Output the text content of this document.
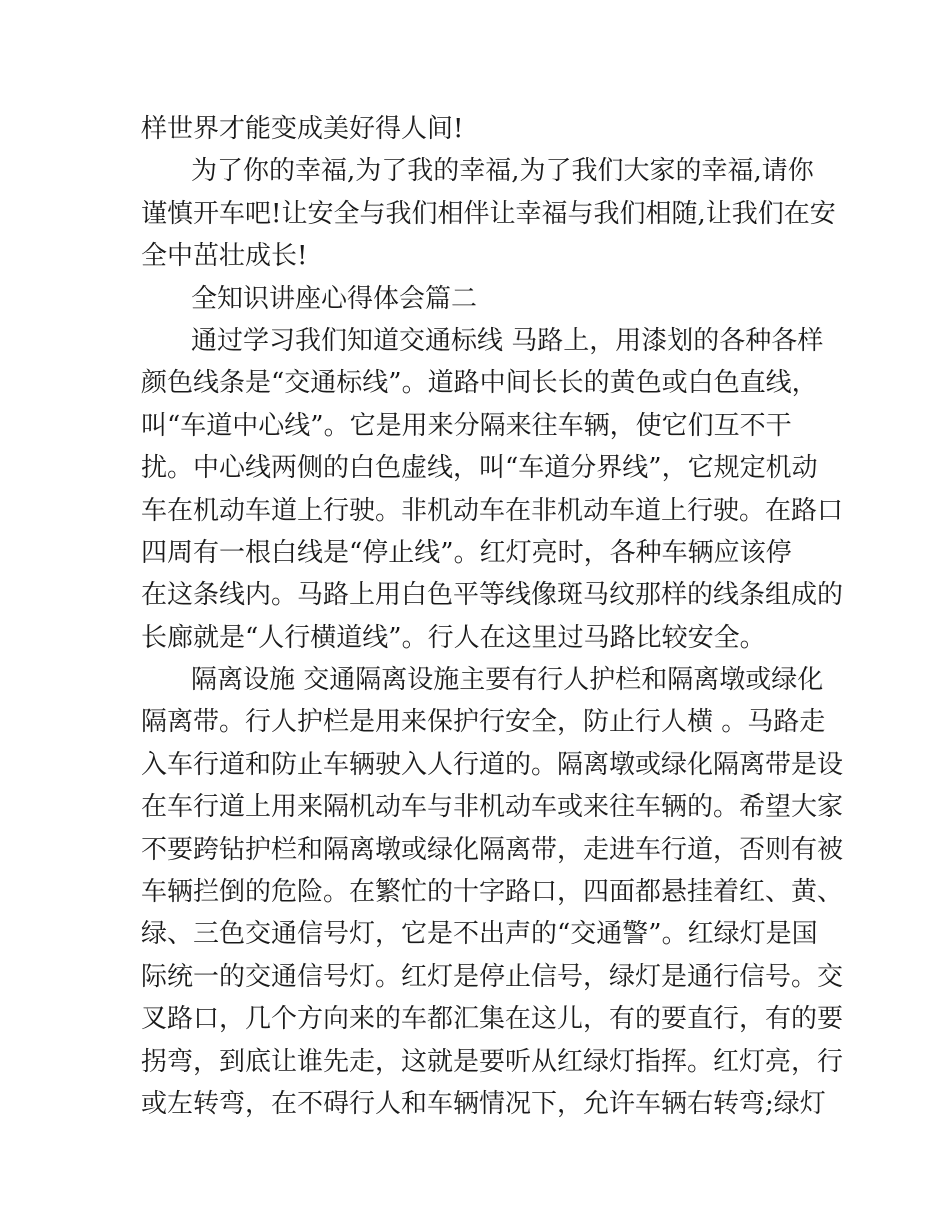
样世界才能变成美好得人间!
为了你的幸福,为了我的幸福,为了我们大家的幸福,请你
谨慎开车吧!让安全与我们相伴让幸福与我们相随,让我们在安
全中茁壮成长!
全知识讲座心得体会篇二
通过学习我们知道交通标线 马路上，用漆划的各种各样
颜色线条是“交通标线”。道路中间长长的黄色或白色直线，
叫“车道中心线”。它是用来分隔来往车辆，使它们互不干
扰。中心线两侧的白色虚线，叫“车道分界线”，它规定机动
车在机动车道上行驶。非机动车在非机动车道上行驶。在路口
四周有一根白线是“停止线”。红灯亮时，各种车辆应该停
在这条线内。马路上用白色平等线像斑马纹那样的线条组成的
长廊就是“人行横道线”。行人在这里过马路比较安全。
隔离设施 交通隔离设施主要有行人护栏和隔离墩或绿化
隔离带。行人护栏是用来保护行安全，防止行人横 。马路走
入车行道和防止车辆驶入人行道的。隔离墩或绿化隔离带是设
在车行道上用来隔机动车与非机动车或来往车辆的。希望大家
不要跨钻护栏和隔离墩或绿化隔离带，走进车行道，否则有被
车辆拦倒的危险。在繁忙的十字路口，四面都悬挂着红、黄、
绿、三色交通信号灯，它是不出声的“交通警”。红绿灯是国
际统一的交通信号灯。红灯是停止信号，绿灯是通行信号。交
叉路口，几个方向来的车都汇集在这儿，有的要直行，有的要
拐弯，到底让谁先走，这就是要听从红绿灯指挥。红灯亮，行
或左转弯，在不碍行人和车辆情况下，允许车辆右转弯;绿灯
